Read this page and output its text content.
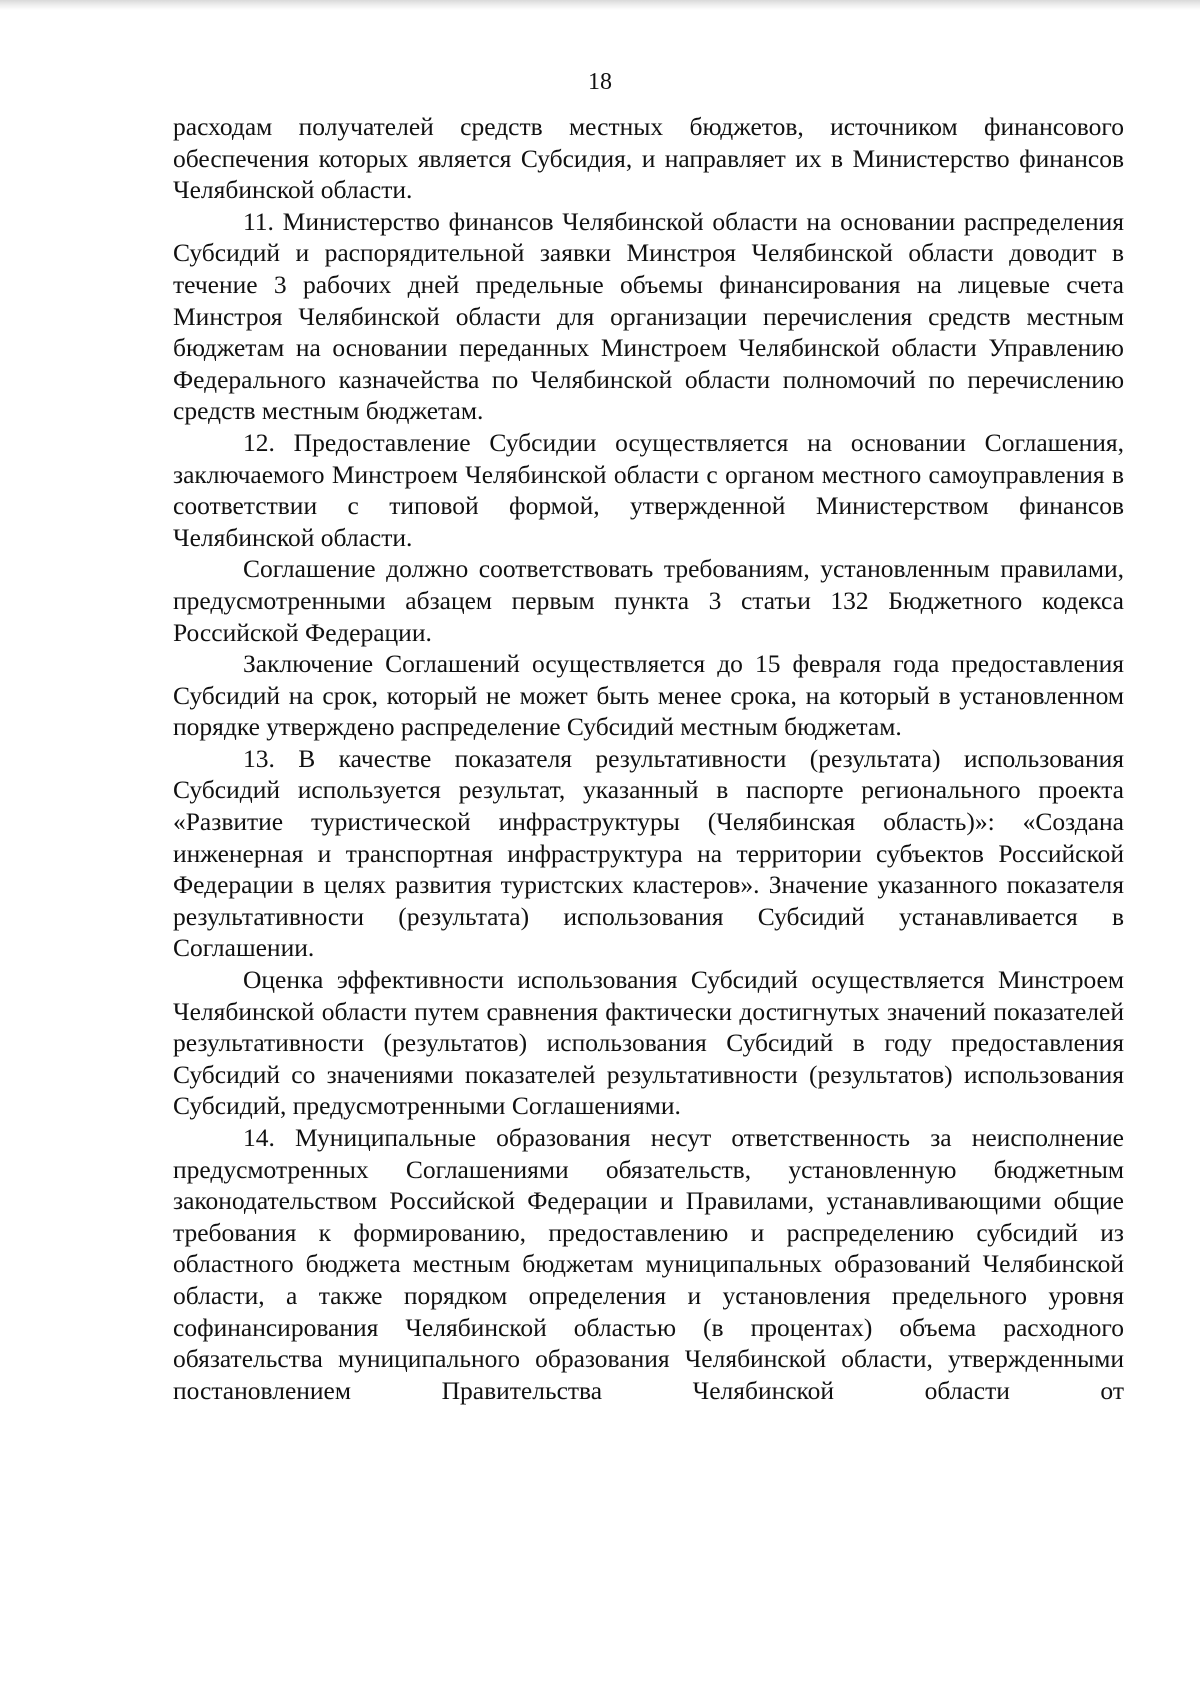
18

расходам получателей средств местных бюджетов, источником финансового обеспечения которых является Субсидия, и направляет их в Министерство финансов Челябинской области.

11. Министерство финансов Челябинской области на основании распределения Субсидий и распорядительной заявки Минстроя Челябинской области доводит в течение 3 рабочих дней предельные объемы финансирования на лицевые счета Минстроя Челябинской области для организации перечисления средств местным бюджетам на основании переданных Минстроем Челябинской области Управлению Федерального казначейства по Челябинской области полномочий по перечислению средств местным бюджетам.

12. Предоставление Субсидии осуществляется на основании Соглашения, заключаемого Минстроем Челябинской области с органом местного самоуправления в соответствии с типовой формой, утвержденной Министерством финансов Челябинской области.

Соглашение должно соответствовать требованиям, установленным правилами, предусмотренными абзацем первым пункта 3 статьи 132 Бюджетного кодекса Российской Федерации.

Заключение Соглашений осуществляется до 15 февраля года предоставления Субсидий на срок, который не может быть менее срока, на который в установленном порядке утверждено распределение Субсидий местным бюджетам.

13. В качестве показателя результативности (результата) использования Субсидий используется результат, указанный в паспорте регионального проекта «Развитие туристической инфраструктуры (Челябинская область)»: «Создана инженерная и транспортная инфраструктура на территории субъектов Российской Федерации в целях развития туристских кластеров». Значение указанного показателя результативности (результата) использования Субсидий устанавливается в Соглашении.

Оценка эффективности использования Субсидий осуществляется Минстроем Челябинской области путем сравнения фактически достигнутых значений показателей результативности (результатов) использования Субсидий в году предоставления Субсидий со значениями показателей результативности (результатов) использования Субсидий, предусмотренными Соглашениями.

14. Муниципальные образования несут ответственность за неисполнение предусмотренных Соглашениями обязательств, установленную бюджетным законодательством Российской Федерации и Правилами, устанавливающими общие требования к формированию, предоставлению и распределению субсидий из областного бюджета местным бюджетам муниципальных образований Челябинской области, а также порядком определения и установления предельного уровня софинансирования Челябинской областью (в процентах) объема расходного обязательства муниципального образования Челябинской области, утвержденными постановлением Правительства Челябинской области от
